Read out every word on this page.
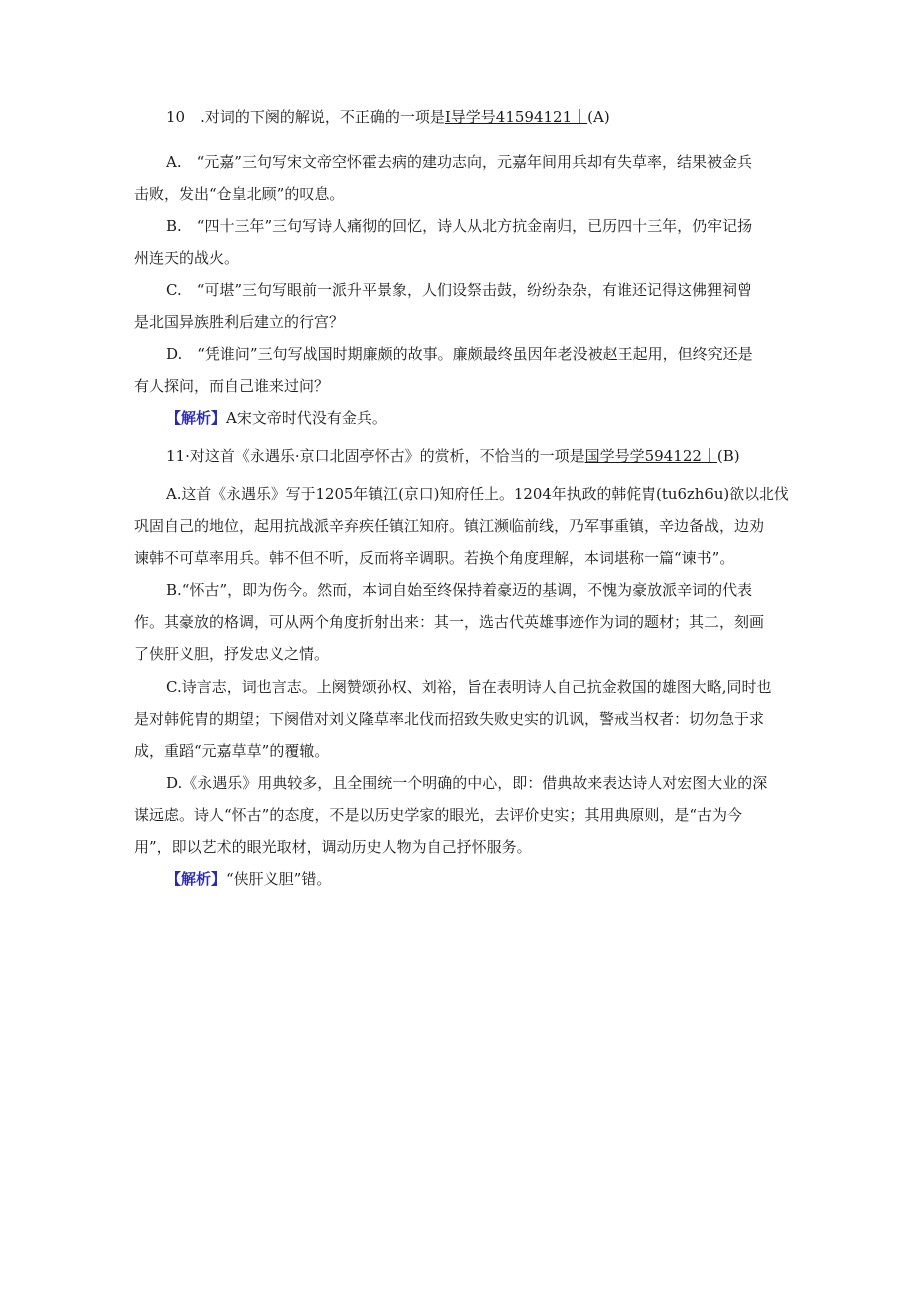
10　.对词的下阕的解说，不正确的一项是I导学号41594121｜(A)
A.　“元嘉”三句写宋文帝空怀霍去病的建功志向，元嘉年间用兵却有失草率，结果被金兵
击败，发出“仓皇北顾”的叹息。
B.　“四十三年”三句写诗人痛彻的回忆，诗人从北方抗金南归，已历四十三年，仍牢记扬
州连天的战火。
C.　“可堪”三句写眼前一派升平景象，人们设祭击鼓，纷纷杂杂，有谁还记得这佛狸祠曾
是北国异族胜利后建立的行宫？
D.　“凭谁问”三句写战国时期廉颇的故事。廉颇最终虽因年老没被赵王起用，但终究还是
有人探问，而自己谁来过问？
【解析】A宋文帝时代没有金兵。
11·对这首《永遇乐·京口北固亭怀古》的赏析，不恰当的一项是国学号学594122｜(B)
A.这首《永遇乐》写于1205年镇江(京口)知府任上。1204年执政的韩侂胄(tu6zh6u)欲以北伐
巩固自己的地位，起用抗战派辛弃疾任镇江知府。镇江濒临前线，乃军事重镇，辛边备战，边劝
谏韩不可草率用兵。韩不但不听，反而将辛调职。若换个角度理解，本词堪称一篇“谏书”。
B.“怀古”，即为伤今。然而，本词自始至终保持着豪迈的基调，不愧为豪放派辛词的代表
作。其豪放的格调，可从两个角度折射出来：其一，选古代英雄事迹作为词的题材；其二，刻画
了侠肝义胆，抒发忠义之情。
C.诗言志，词也言志。上阕赞颂孙权、刘裕，旨在表明诗人自己抗金救国的雄图大略,同时也
是对韩侂胄的期望；下阕借对刘义隆草率北伐而招致失败史实的讥讽，警戒当权者：切勿急于求
成，重蹈“元嘉草草”的覆辙。
D.《永遇乐》用典较多，且全围统一个明确的中心，即：借典故来表达诗人对宏图大业的深
谋远虑。诗人“怀古”的态度，不是以历史学家的眼光，去评价史实；其用典原则，是“古为今
用”，即以艺术的眼光取材，调动历史人物为自己抒怀服务。
【解析】“侠肝义胆”错。
